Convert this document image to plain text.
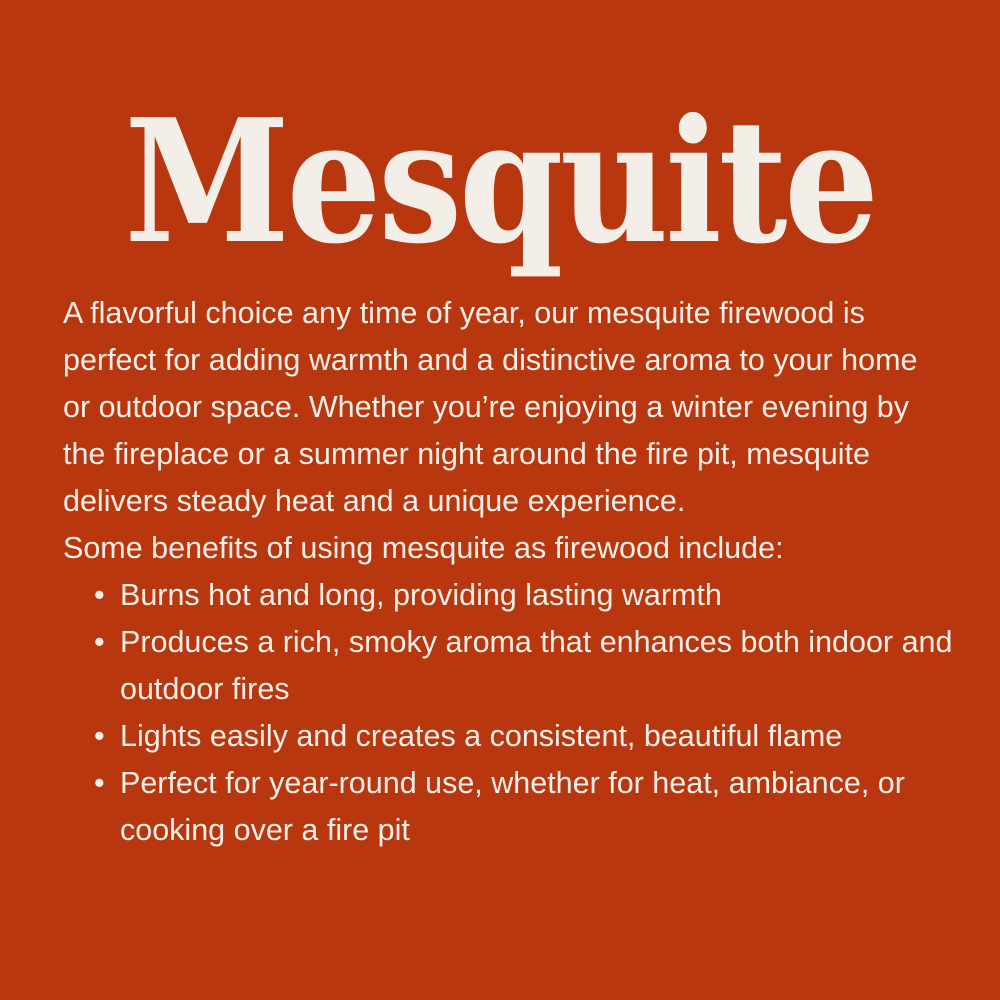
Mesquite

A flavorful choice any time of year, our mesquite firewood is perfect for adding warmth and a distinctive aroma to your home or outdoor space. Whether you’re enjoying a winter evening by the fireplace or a summer night around the fire pit, mesquite delivers steady heat and a unique experience.

Some benefits of using mesquite as firewood include:

• Burns hot and long, providing lasting warmth
• Produces a rich, smoky aroma that enhances both indoor and outdoor fires
• Lights easily and creates a consistent, beautiful flame
• Perfect for year-round use, whether for heat, ambiance, or cooking over a fire pit
